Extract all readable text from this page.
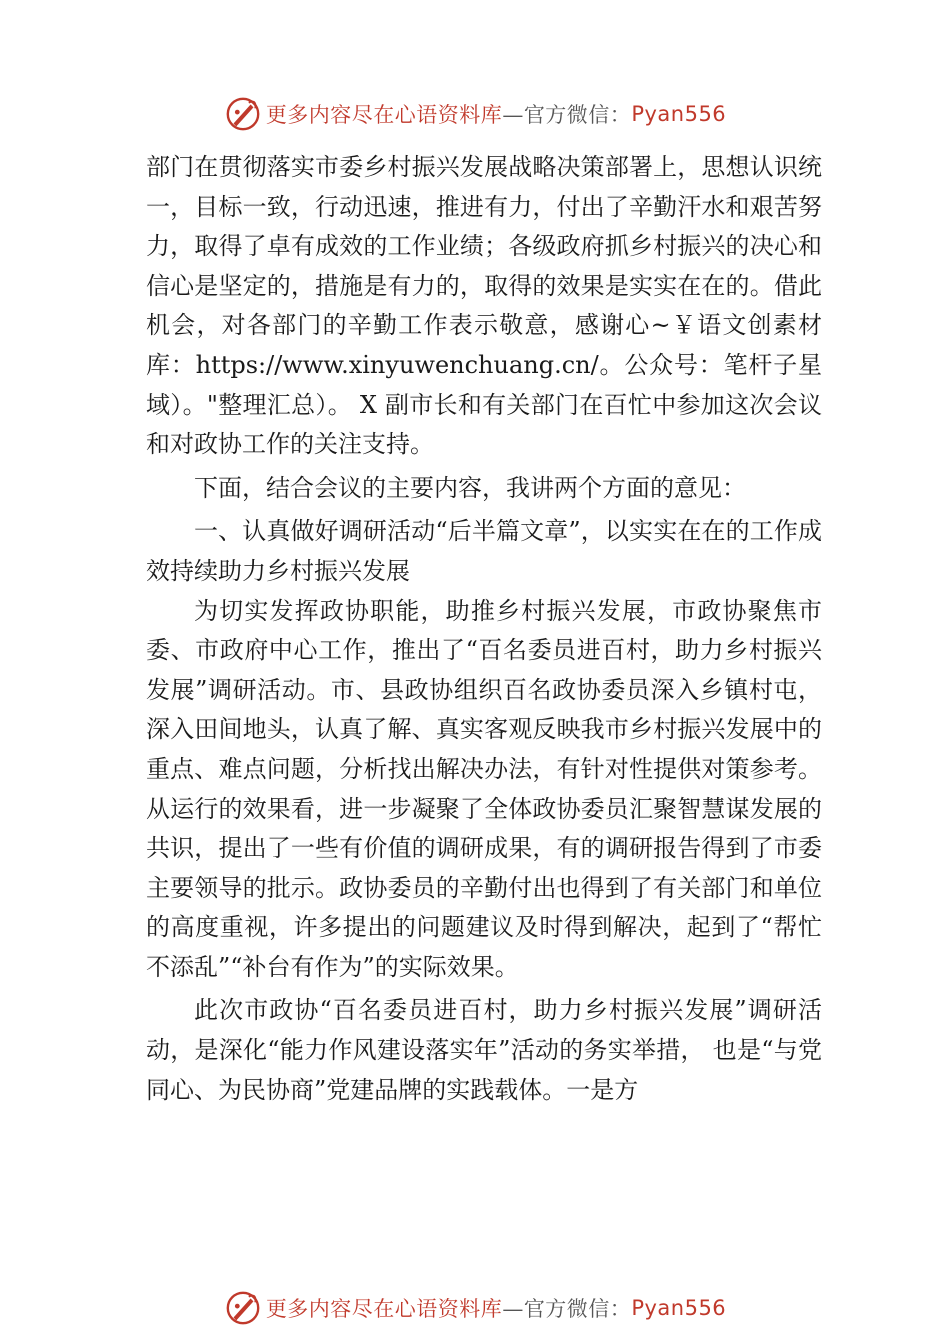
更多内容尽在心语资料库 —官方微信： Pyan556

部门在贯彻落实市委乡村振兴发展战略决策部署上，思想认识统一，目标一致，行动迅速，推进有力，付出了辛勤汗水和艰苦努力，取得了卓有成效的工作业绩；各级政府抓乡村振兴的决心和信心是坚定的，措施是有力的，取得的效果是实实在在的。借此机会，对各部门的辛勤工作表示敬意，感谢心~￥语文创素材库：https://www.xinyuwenchuang.cn/。公众号：笔杆子星域）。"整理汇总）。 X 副市长和有关部门在百忙中参加这次会议和对政协工作的关注支持。

下面，结合会议的主要内容，我讲两个方面的意见：

一、认真做好调研活动“后半篇文章”，以实实在在的工作成效持续助力乡村振兴发展

为切实发挥政协职能，助推乡村振兴发展，市政协聚焦市委、市政府中心工作，推出了“百名委员进百村，助力乡村振兴发展”调研活动。市、县政协组织百名政协委员深入乡镇村屯，深入田间地头，认真了解、真实客观反映我市乡村振兴发展中的重点、难点问题，分析找出解决办法，有针对性提供对策参考。从运行的效果看，进一步凝聚了全体政协委员汇聚智慧谋发展的共识，提出了一些有价值的调研成果，有的调研报告得到了市委主要领导的批示。政协委员的辛勤付出也得到了有关部门和单位的高度重视，许多提出的问题建议及时得到解决，起到了“帮忙不添乱”“补台有作为”的实际效果。

此次市政协“百名委员进百村，助力乡村振兴发展”调研活动，是深化“能力作风建设落实年”活动的务实举措， 也是“与党同心、为民协商”党建品牌的实践载体。一是方

更多内容尽在心语资料库 —官方微信： Pyan556
